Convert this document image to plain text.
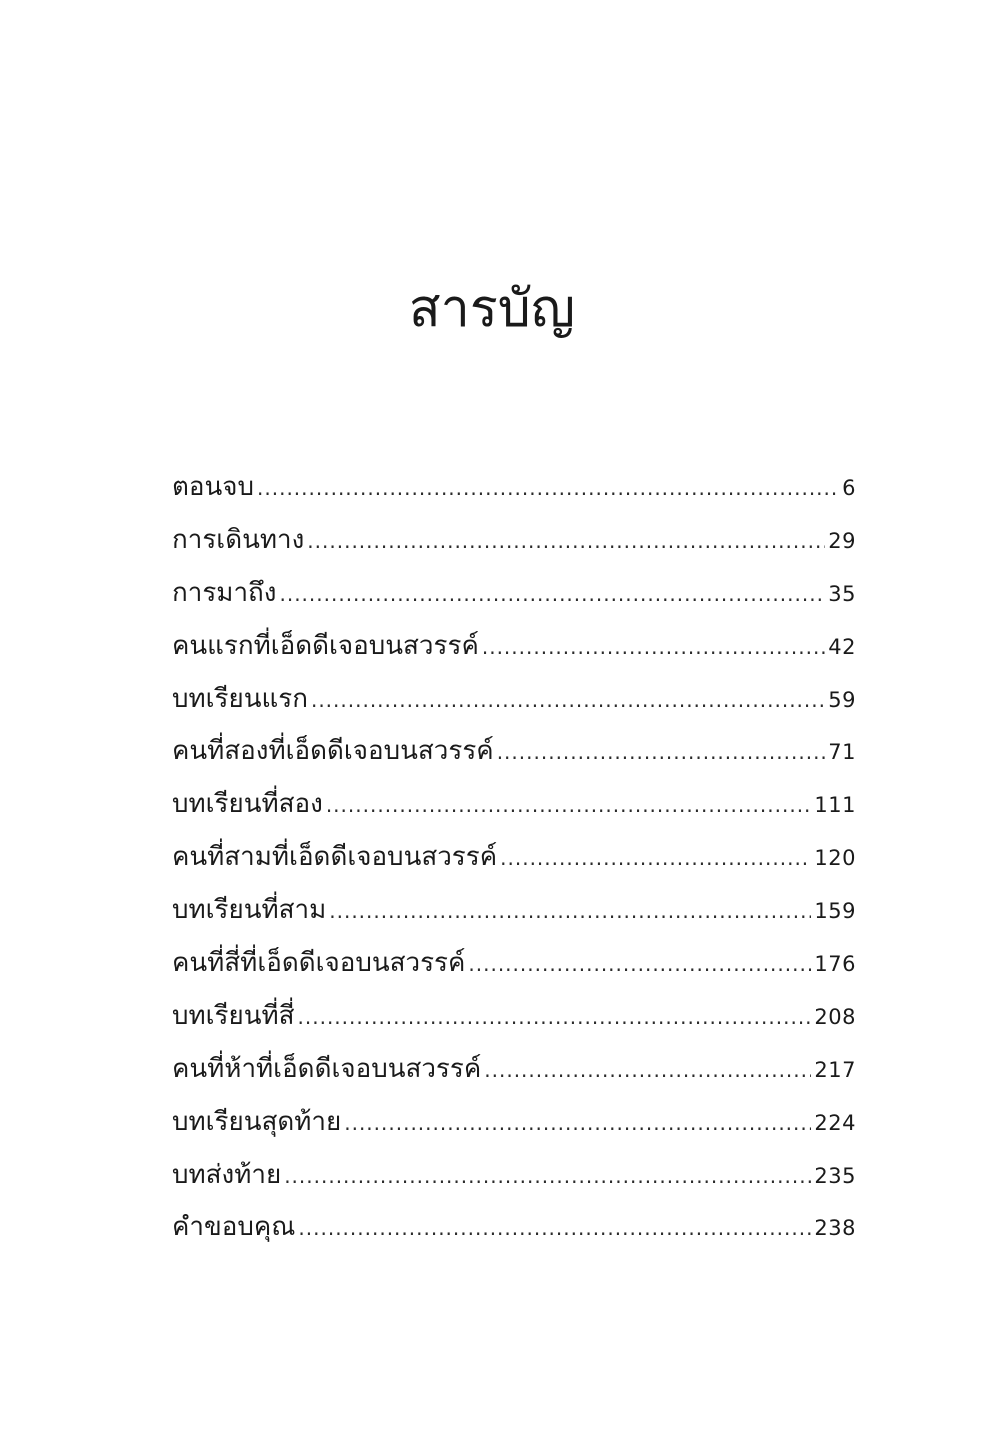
สารบัญ
ตอนจบ .....	6
การเดินทาง .....	29
การมาถึง .....	35
คนแรกที่เอ็ดดีเจอบนสวรรค์ .....	42
บทเรียนแรก .....	59
คนที่สองที่เอ็ดดีเจอบนสวรรค์ .....	71
บทเรียนที่สอง .....	111
คนที่สามที่เอ็ดดีเจอบนสวรรค์ .....	120
บทเรียนที่สาม .....	159
คนที่สี่ที่เอ็ดดีเจอบนสวรรค์ .....	176
บทเรียนที่สี่ .....	208
คนที่ห้าที่เอ็ดดีเจอบนสวรรค์ .....	217
บทเรียนสุดท้าย .....	224
บทส่งท้าย .....	235
คำขอบคุณ .....	238
